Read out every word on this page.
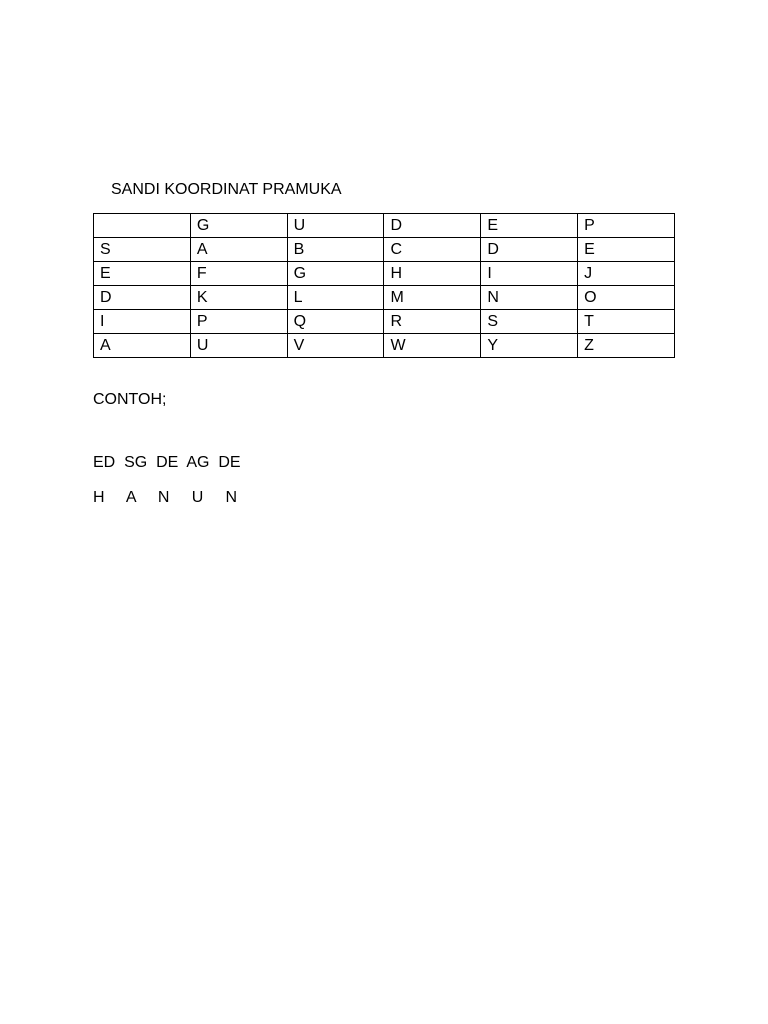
SANDI KOORDINAT PRAMUKA
	G	U	D	E	P
S	A	B	C	D	E
E	F	G	H	I	J
D	K	L	M	N	O
I	P	Q	R	S	T
A	U	V	W	Y	Z
CONTOH;
ED  SG  DE  AG  DE
H     A     N     U     N
